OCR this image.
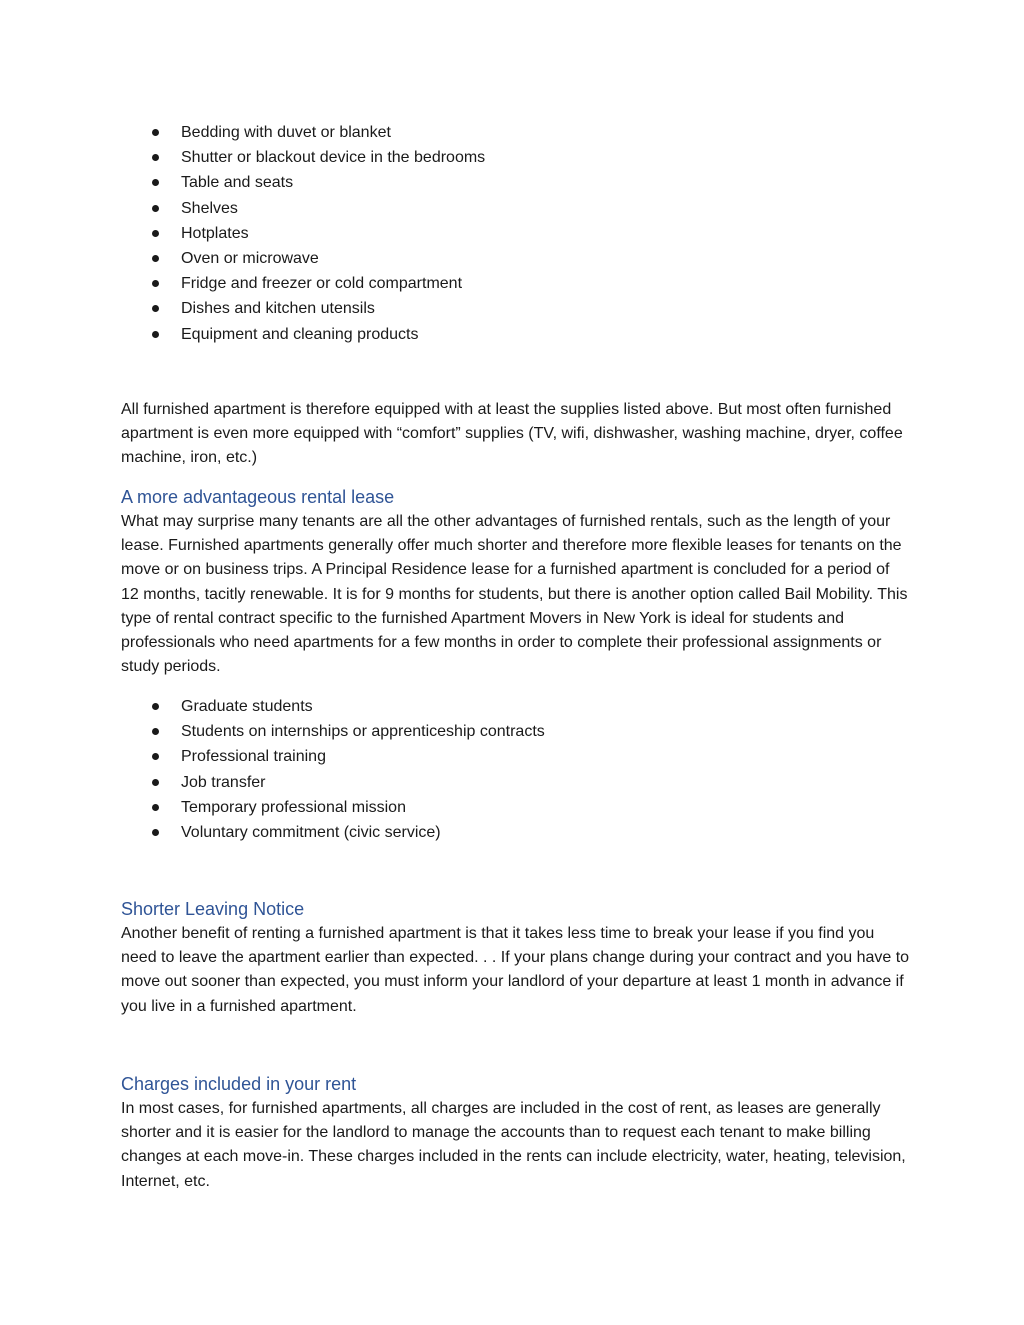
Bedding with duvet or blanket
Shutter or blackout device in the bedrooms
Table and seats
Shelves
Hotplates
Oven or microwave
Fridge and freezer or cold compartment
Dishes and kitchen utensils
Equipment and cleaning products

All furnished apartment is therefore equipped with at least the supplies listed above. But most often furnished apartment is even more equipped with “comfort” supplies (TV, wifi, dishwasher, washing machine, dryer, coffee machine, iron, etc.)

A more advantageous rental lease

What may surprise many tenants are all the other advantages of furnished rentals, such as the length of your lease. Furnished apartments generally offer much shorter and therefore more flexible leases for tenants on the move or on business trips. A Principal Residence lease for a furnished apartment is concluded for a period of 12 months, tacitly renewable. It is for 9 months for students, but there is another option called Bail Mobility. This type of rental contract specific to the furnished Apartment Movers in New York is ideal for students and professionals who need apartments for a few months in order to complete their professional assignments or study periods.

Graduate students
Students on internships or apprenticeship contracts
Professional training
Job transfer
Temporary professional mission
Voluntary commitment (civic service)
Shorter Leaving Notice

Another benefit of renting a furnished apartment is that it takes less time to break your lease if you find you need to leave the apartment earlier than expected. . . If your plans change during your contract and you have to move out sooner than expected, you must inform your landlord of your departure at least 1 month in advance if you live in a furnished apartment.

Charges included in your rent

In most cases, for furnished apartments, all charges are included in the cost of rent, as leases are generally shorter and it is easier for the landlord to manage the accounts than to request each tenant to make billing changes at each move-in. These charges included in the rents can include electricity, water, heating, television, Internet, etc.
